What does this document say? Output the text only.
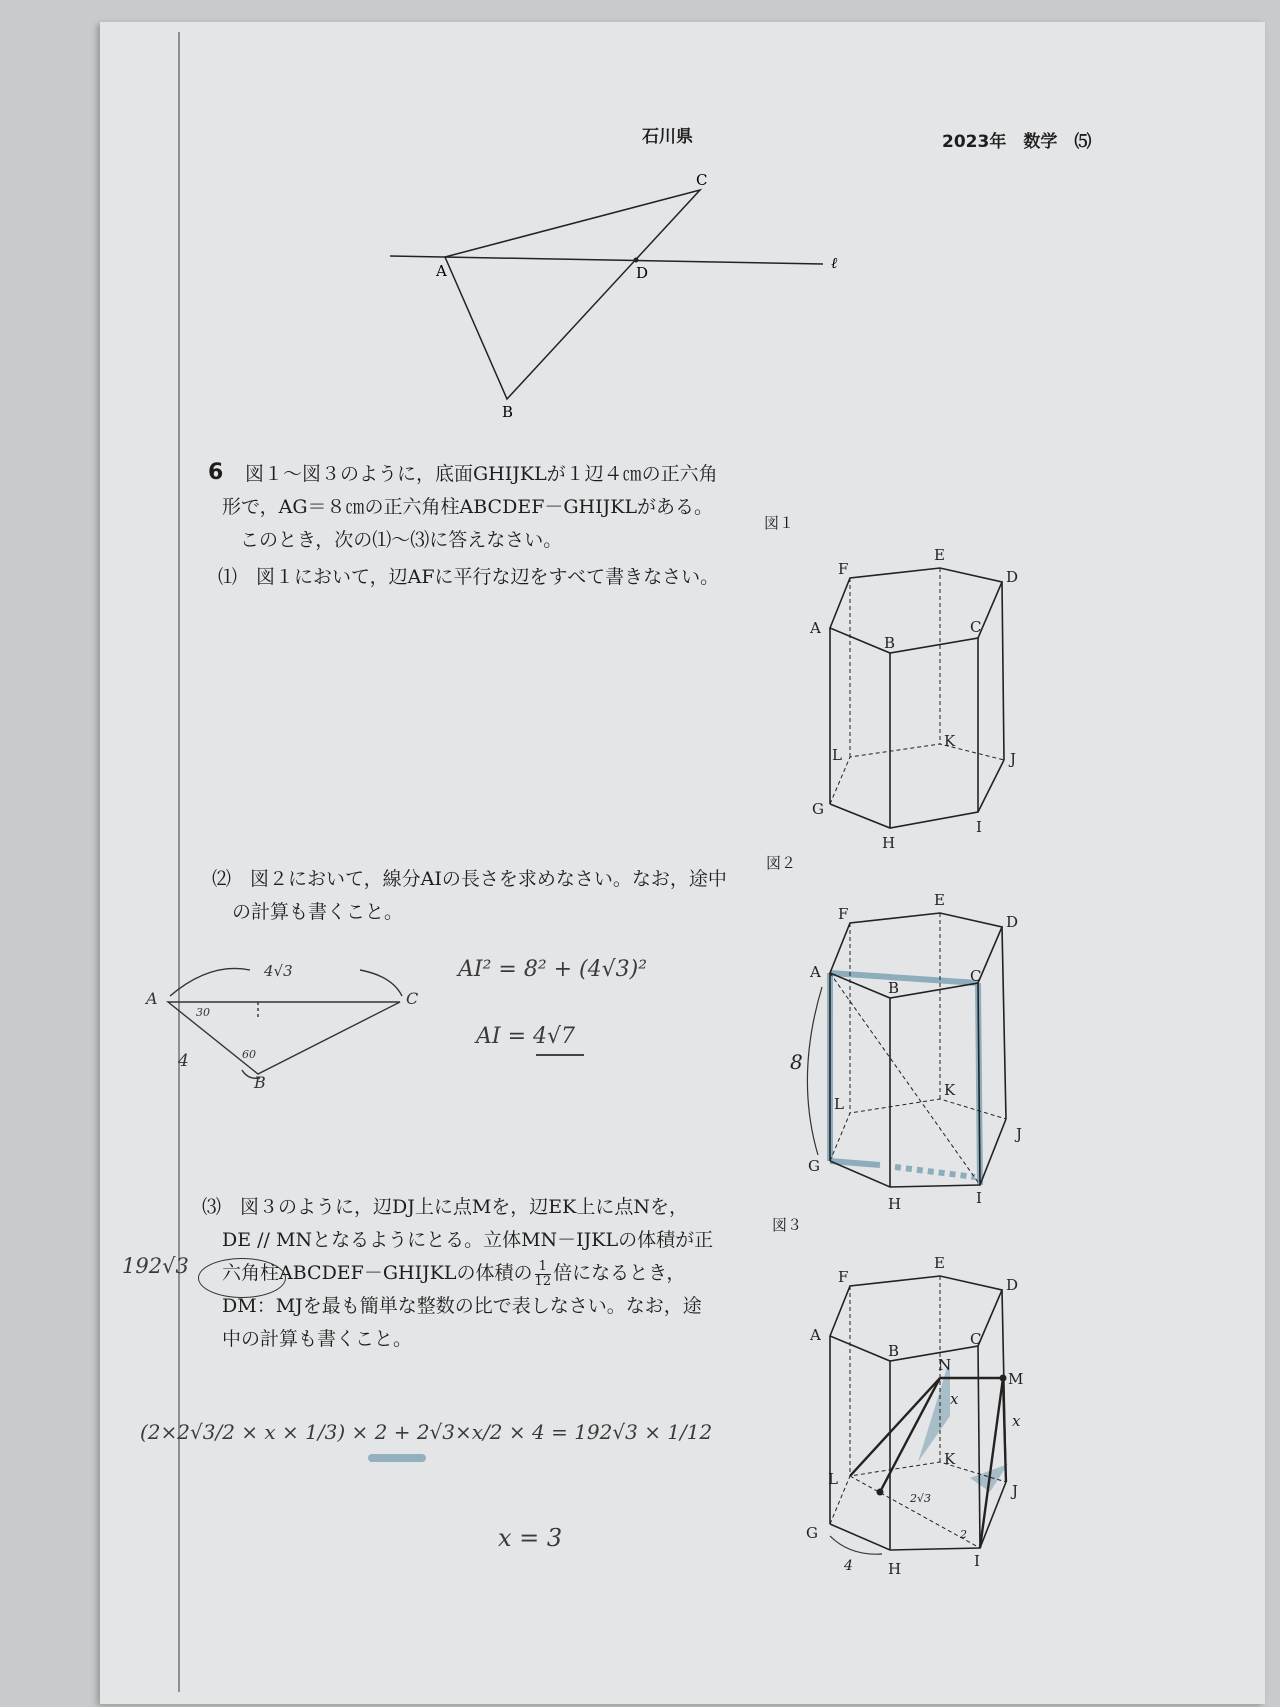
石川県	2023年　数学　⑸
A
B
C
D
ℓ
6 図１～図３のように，底面GHIJKLが１辺４㎝の正六角
形で，AG＝８㎝の正六角柱ABCDEF－GHIJKLがある。
このとき，次の⑴～⑶に答えなさい。
⑴　図１において，辺AFに平行な辺をすべて書きなさい。
⑵　図２において，線分AIの長さを求めなさい。なお，途中
の計算も書くこと。
⑶　図３のように，辺DJ上に点Mを，辺EK上に点Nを，
DE // MNとなるようにとる。立体MN－IJKLの体積が正
六角柱ABCDEF－GHIJKLの体積の $\frac{1}{12}$ 倍になるとき，
DM：MJを最も簡単な整数の比で表しなさい。なお，途
中の計算も書くこと。
図１
図２
図３
A
B
C
D
E
F
G
H
I
J
K
L
A
B
C
D
E
F
G
H	I
J
K
L
8
A
B
C
D
E
F
G
H	I
J
K
L
M
N
x
x
2√3
4
2
4√3
A	C
B
30
60
4
AI² = 8² + (4√3)²
AI = 4√7
192√3
(2×2√3/2 × x × 1/3) × 2 + 2√3×x/2 × 4 = 192√3 × 1/12
x = 3
